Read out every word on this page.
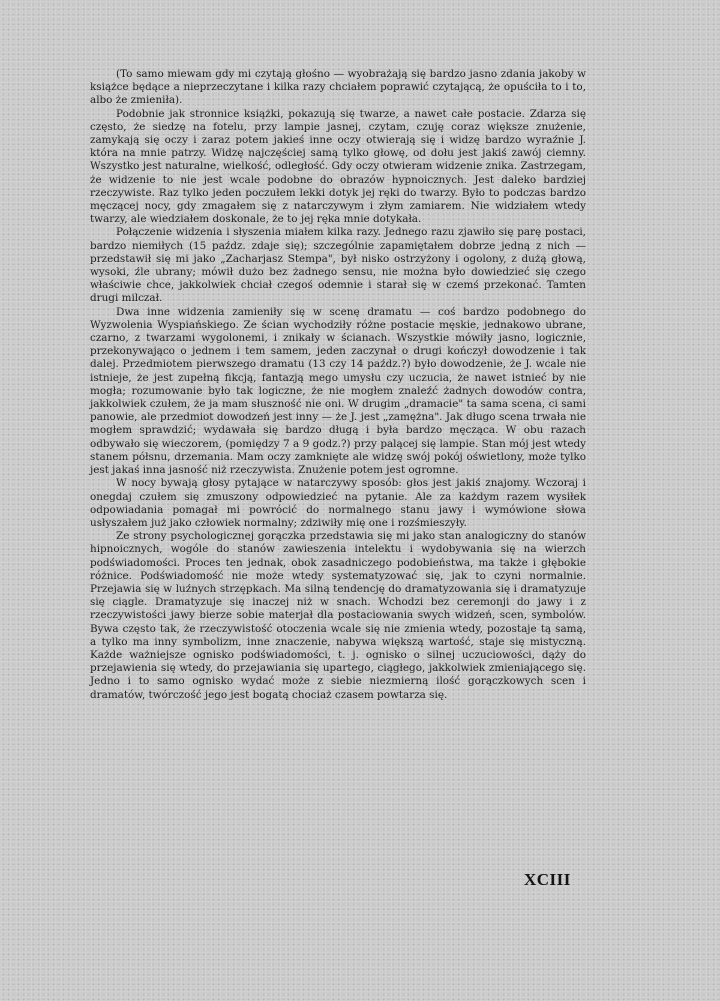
(To samo miewam gdy mi czytają głośno — wyobrażają się bardzo jasno zdania jakoby w książce będące a nieprzeczytane i kilka razy chciałem poprawić czytającą, że opuściła to i to, albo że zmieniła).

Podobnie jak stronnice książki, pokazują się twarze, a nawet całe postacie. Zdarza się często, że siedzę na fotelu, przy lampie jasnej, czytam, czuję coraz większe znużenie, zamykają się oczy i zaraz potem jakieś inne oczy otwierają się i widzę bardzo wyraźnie J. która na mnie patrzy. Widzę najczęściej samą tylko głowę, od dołu jest jakiś zawój ciemny. Wszystko jest naturalne, wielkość, odległość. Gdy oczy otwieram widzenie znika. Zastrzegam, że widzenie to nie jest wcale podobne do obrazów hypnoicznych. Jest daleko bardziej rzeczywiste. Raz tylko jeden poczułem lekki dotyk jej ręki do twarzy. Było to podczas bardzo męczącej nocy, gdy zmagałem się z natarczywym i złym zamiarem. Nie widziałem wtedy twarzy, ale wiedziałem doskonale, że to jej ręka mnie dotykała.

Połączenie widzenia i słyszenia miałem kilka razy. Jednego razu zjawiło się parę postaci, bardzo niemiłych (15 paźdz. zdaje się); szczególnie zapamiętałem dobrze jedną z nich — przedstawił się mi jako „Zacharjasz Stempa", był nisko ostrzyżony i ogolony, z dużą głową, wysoki, źle ubrany; mówił dużo bez żadnego sensu, nie można było dowiedzieć się czego właściwie chce, jakkolwiek chciał czegoś odemnie i starał się w czemś przekonać. Tamten drugi milczał.

Dwa inne widzenia zamieniły się w scenę dramatu — coś bardzo podobnego do Wyzwolenia Wyspiańskiego. Ze ścian wychodziły różne postacie męskie, jednakowo ubrane, czarno, z twarzami wygolonemi, i znikały w ścianach. Wszystkie mówiły jasno, logicznie, przekonywająco o jednem i tem samem, jeden zaczynał o drugi kończył dowodzenie i tak dalej. Przedmiotem pierwszego dramatu (13 czy 14 paźdz.?) było dowodzenie, że J. wcale nie istnieje, że jest zupełną fikcją, fantazją mego umysłu czy uczucia, że nawet istnieć by nie mogła; rozumowanie było tak logiczne, że nie mogłem znaleźć żadnych dowodów contra, jakkolwiek czułem, że ja mam słuszność nie oni. W drugim „dramacie" ta sama scena, ci sami panowie, ale przedmiot dowodzeń jest inny — że J. jest „zamężna". Jak długo scena trwała nie mogłem sprawdzić; wydawała się bardzo długą i była bardzo męcząca. W obu razach odbywało się wieczorem, (pomiędzy 7 a 9 godz.?) przy palącej się lampie. Stan mój jest wtedy stanem półsnu, drzemania. Mam oczy zamknięte ale widzę swój pokój oświetlony, może tylko jest jakaś inna jasność niż rzeczywista. Znużenie potem jest ogromne.

W nocy bywają głosy pytające w natarczywy sposób: głos jest jakiś znajomy. Wczoraj i onegdaj czułem się zmuszony odpowiedzieć na pytanie. Ale za każdym razem wysiłek odpowiadania pomagał mi powrócić do normalnego stanu jawy i wymówione słowa usłyszałem już jako człowiek normalny; zdziwiły mię one i rozśmieszyły.

Ze strony psychologicznej gorączka przedstawia się mi jako stan analogiczny do stanów hipnoicznych, wogóle do stanów zawieszenia intelektu i wydobywania się na wierzch podświadomości. Proces ten jednak, obok zasadniczego podobieństwa, ma także i głębokie różnice. Podświadomość nie może wtedy systematyzować się, jak to czyni normalnie. Przejawia się w luźnych strzępkach. Ma silną tendencję do dramatyzowania się i dramatyzuje się ciągle. Dramatyzuje się inaczej niż w snach. Wchodzi bez ceremonji do jawy i z rzeczywistości jawy bierze sobie materjał dla postaciowania swych widzeń, scen, symbolów. Bywa często tak, że rzeczywistość otoczenia wcale się nie zmienia wtedy, pozostaje tą samą, a tylko ma inny symbolizm, inne znaczenie, nabywa większą wartość, staje się mistyczną. Każde ważniejsze ognisko podświadomości, t. j. ognisko o silnej uczuciowości, dąży do przejawienia się wtedy, do przejawiania się upartego, ciągłego, jakkolwiek zmieniającego się. Jedno i to samo ognisko wydać może z siebie niezmierną ilość gorączkowych scen i dramatów, twórczość jego jest bogatą chociaż czasem powtarza się.

XCIII
